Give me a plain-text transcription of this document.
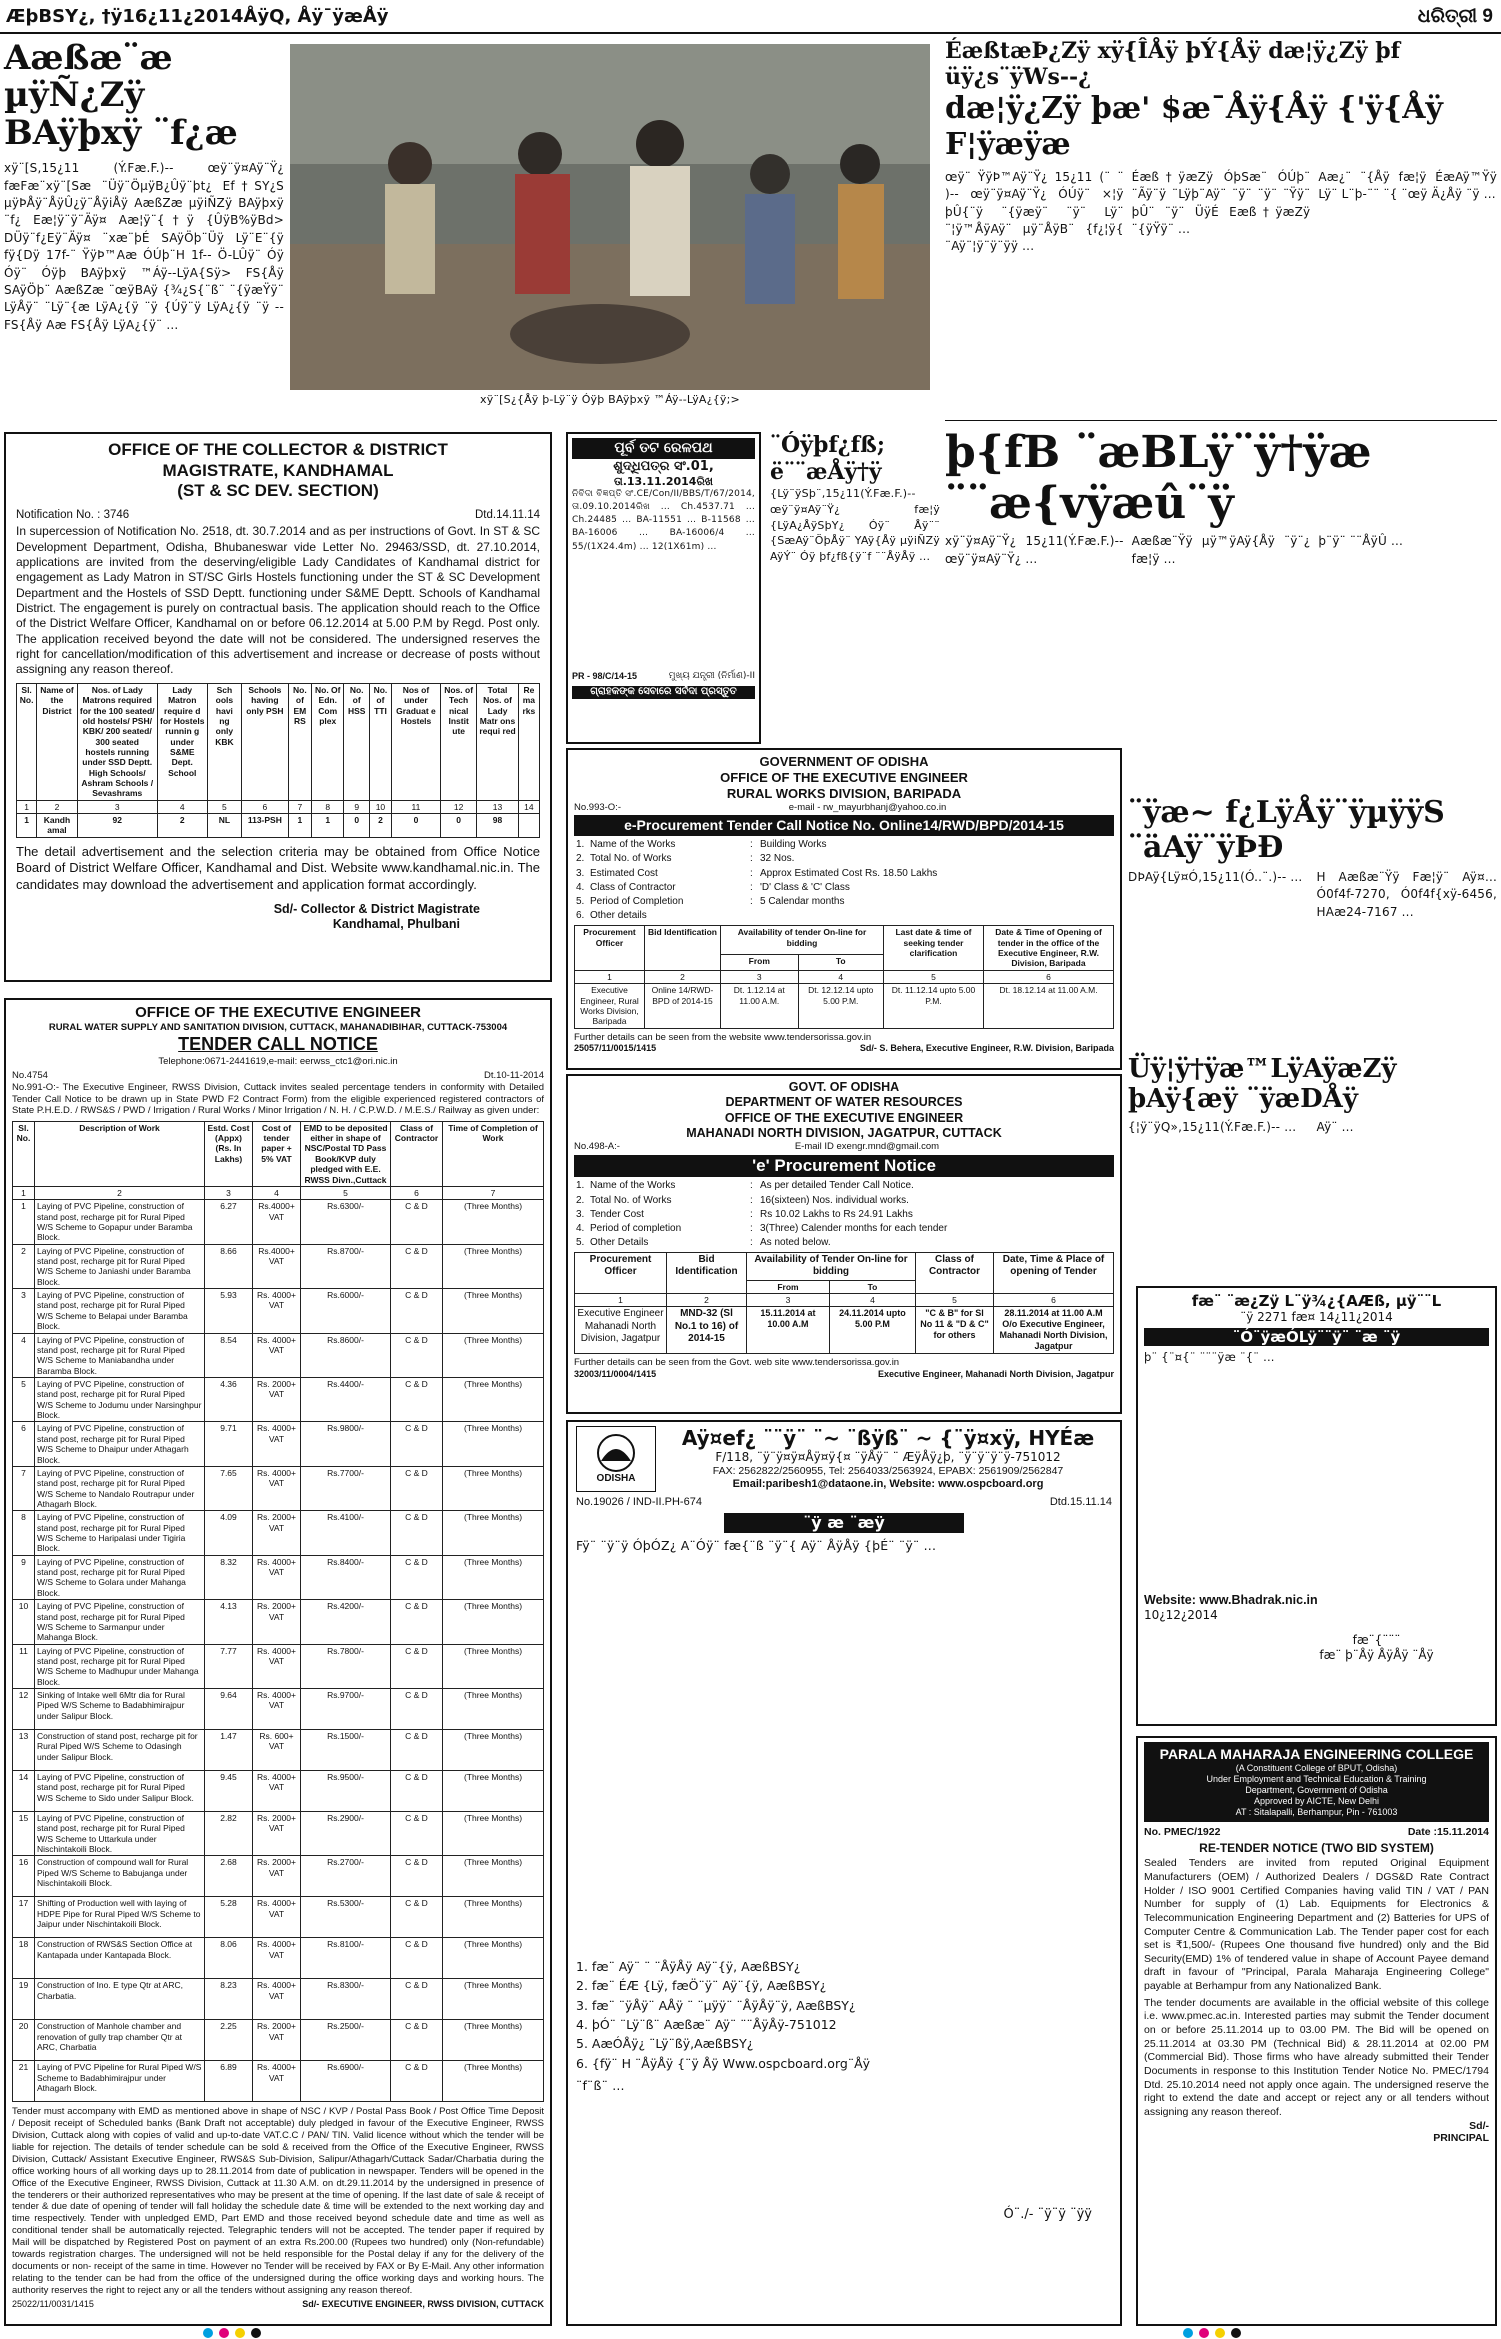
ÆþBSY¿, †ÿ16¿11¿2014ÅÿQ, Åÿ¯ÿæÅÿ	ଧରିତ୍ରୀ 9
Aæßæ¨æ µÿÑ¿Zÿ
BAÿþxÿ ¨f¿æ
xÿ¨[S,15¿11 (Ý.Fæ.F.)-- œÿ¨ÿ¤Aÿ¨Ÿ¿ fæFæ¨xÿ¨[Sæ ¨Üÿ¨ÖµÿB¿Ûÿ¨þt¿ Ef†SY¿S µÿÞÅÿ¨ÅÿÛ¿ÿ¨ÅÿiÅÿ AæßZæ µÿiÑZÿ BAÿþxÿ ¨f¿ Eæ¦ÿ¨ÿ¨Äÿ¤ Aæ¦ÿ¨{†ÿ {ÛÿB%ÿBd> DÜÿ¨f¿Eÿ¨Äÿ¤ ¨xæ¨þÉ SAÿÖþ¨Üÿ Lÿ¨E¨{ÿ fÿ{Dÿ 17f-¨ ŸÿÞ™Aæ ÓÚþ¨H 1f-- Ö-LÛÿ¨ Óÿ Óÿ¨ Óÿþ BAÿþxÿ ™Áÿ--LÿA{Sÿ> FS{Åÿ SAÿÖþ¨ AæßZæ ¨œÿBAÿ {¾¿S{¨ß¨ ¨{ÿæŸÿ¨ LÿÅÿ¨ ¨Lÿ¨{æ LÿA¿{ÿ ¨ÿ {Úÿ¨ÿ LÿA¿{ÿ ¨ÿ --FS{Åÿ Aæ FS{Åÿ LÿA¿{ÿ¨ ...
xÿ¨[S¿{Åÿ þ-Lÿ¨ÿ Óÿþ BAÿþxÿ ™Áÿ--LÿA¿{ÿ;>
ÉæßtæÞ¿Zÿ xÿ{ÎÅÿ þÝ{Åÿ dæ¦ÿ¿Zÿ þf üÿ¿s¨ÿWs--¿
dæ¦ÿ¿Zÿ þæ' $æ¯Åÿ{Åÿ {'ÿ{Åÿ F¦ÿæÿæ
œÿ¨ ŸÿÞ™Aÿ¨Ÿ¿ 15¿11 (¨ ¨ )-- œÿ¨ÿ¤Aÿ¨Ÿ¿ ÓÚÿ¨ ×¦ÿ þÛ{¨ÿ ¨{ÿæÿ¨ ¨ÿ¨ Lÿ¨ ¨¦ÿ™ÅÿAÿ¨ µÿ¨ÅÿB¨ {f¿¦ÿ{ ¨Aÿ¨¦ÿ¨ÿ¨ÿÿ ...
Éæß†ÿæZÿ ÓþSæ¨ ÓÚþ¨ ¨Ãÿ¨ÿ ¨Lÿþ¨Aÿ¨ ¨ÿ¨ ¨ÿ¨ ¨Ÿÿ¨ þÛ¨ ¨ÿ¨ ÜÿÉ Eæß†ÿæZÿ ¨{ÿŸÿ¨ ...
Aæ¿¨ ¨{Åÿ fæ¦ÿ ÉæAÿ™Ÿÿ Lÿ¨ L¨þ-¨¨ ¨{ ¨œÿ Ä¿Åÿ ¨ÿ ...
OFFICE OF THE COLLECTOR & DISTRICT
MAGISTRATE, KANDHAMAL
(ST & SC DEV. SECTION)
Notification No. : 3746	Dtd.14.11.14
In supercession of Notification No. 2518, dt. 30.7.2014 and as per instructions of Govt. In ST & SC Development Department, Odisha, Bhubaneswar vide Letter No. 29463/SSD, dt. 27.10.2014, applications are invited from the deserving/eligible Lady Candidates of Kandhamal district for engagement as Lady Matron in ST/SC Girls Hostels functioning under the ST & SC Development Department and the Hostels of SSD Deptt. functioning under S&ME Deptt. Schools of Kandhamal District. The engagement is purely on contractual basis. The application should reach to the Office of the District Welfare Officer, Kandhamal on or before 06.12.2014 at 5.00 P.M by Regd. Post only. The application received beyond the date will not be considered. The undersigned reserves the right for cancellation/modification of this advertisement and increase or decrease of posts without assigning any reason thereof.
Sl. No.	Name of the District	Nos. of Lady Matrons required for the 100 seated/ old hostels/ PSH/ KBK/ 200 seated/ 300 seated hostels running under SSD Deptt. High Schools/ Ashram Schools / Sevashrams	Lady Matron require d for Hostels runnin g under S&ME Dept. School	Sch ools havi ng only KBK	Schools having only PSH	No. of EM RS	No. Of Edn. Com plex	No. of HSS	No. of TTI	Nos of under Graduat e Hostels	Nos. of Tech nical Instit ute	Total Nos. of Lady Matr ons requi red	Re ma rks
1	2	3	4	5	6	7	8	9	10	11	12	13	14
1	Kandh amal	92	2	NL	113-PSH	1	1	0	2	0	0	98	
The detail advertisement and the selection criteria may be obtained from Office Notice Board of District Welfare Officer, Kandhamal and Dist. Website www.kandhamal.nic.in. The candidates may download the advertisement and application format accordingly.
Sd/- Collector & District Magistrate
Kandhamal, Phulbani
OFFICE OF THE EXECUTIVE ENGINEER
RURAL WATER SUPPLY AND SANITATION DIVISION, CUTTACK, MAHANADIBIHAR, CUTTACK-753004
TENDER CALL NOTICE
Telephone:0671-2441619,e-mail: eerwss_ctc1@ori.nic.in
No.4754	Dt.10-11-2014
No.991-O:- The Executive Engineer, RWSS Division, Cuttack invites sealed percentage tenders in conformity with Detailed Tender Call Notice to be drawn up in State PWD F2 Contract Form) from the eligible experienced registered contractors of State P.H.E.D. / RWS&S / PWD / Irrigation / Rural Works / Minor Irrigation / N. H. / C.P.W.D. / M.E.S./ Railway as given under:
Sl. No.	Description of Work	Estd. Cost (Appx) (Rs. In Lakhs)	Cost of tender paper + 5% VAT	EMD to be deposited either in shape of NSC/Postal TD Pass Book/KVP duly pledged with E.E. RWSS Divn.,Cuttack	Class of Contractor	Time of Completion of Work
1	2	3	4	5	6	7
1	Laying of PVC Pipeline, construction of stand post, recharge pit for Rural Piped W/S Scheme to Gopapur under Baramba Block.	6.27	Rs.4000+ VAT	Rs.6300/-	C & D	(Three Months)
2	Laying of PVC Pipeline, construction of stand post, recharge pit for Rural Piped W/S Scheme to Janiashi under Baramba Block.	8.66	Rs.4000+ VAT	Rs.8700/-	C & D	(Three Months)
3	Laying of PVC Pipeline, construction of stand post, recharge pit for Rural Piped W/S Scheme to Belapai under Baramba Block.	5.93	Rs. 4000+ VAT	Rs.6000/-	C & D	(Three Months)
4	Laying of PVC Pipeline, construction of stand post, recharge pit for Rural Piped W/S Scheme to Maniabandha under Baramba Block.	8.54	Rs. 4000+ VAT	Rs.8600/-	C & D	(Three Months)
5	Laying of PVC Pipeline, construction of stand post, recharge pit for Rural Piped W/S Scheme to Jodumu under Narsinghpur Block.	4.36	Rs. 2000+ VAT	Rs.4400/-	C & D	(Three Months)
6	Laying of PVC Pipeline, construction of stand post, recharge pit for Rural Piped W/S Scheme to Dhaipur under Athagarh Block.	9.71	Rs. 4000+ VAT	Rs.9800/-	C & D	(Three Months)
7	Laying of PVC Pipeline, construction of stand post, recharge pit for Rural Piped W/S Scheme to Nandalo Routrapur under Athagarh Block.	7.65	Rs. 4000+ VAT	Rs.7700/-	C & D	(Three Months)
8	Laying of PVC Pipeline, construction of stand post, recharge pit for Rural Piped W/S Scheme to Haripalasi under Tigiria Block.	4.09	Rs. 2000+ VAT	Rs.4100/-	C & D	(Three Months)
9	Laying of PVC Pipeline, construction of stand post, recharge pit for Rural Piped W/S Scheme to Golara under Mahanga Block.	8.32	Rs. 4000+ VAT	Rs.8400/-	C & D	(Three Months)
10	Laying of PVC Pipeline, construction of stand post, recharge pit for Rural Piped W/S Scheme to Sarmanpur under Mahanga Block.	4.13	Rs. 2000+ VAT	Rs.4200/-	C & D	(Three Months)
11	Laying of PVC Pipeline, construction of stand post, recharge pit for Rural Piped W/S Scheme to Madhupur under Mahanga Block.	7.77	Rs. 4000+ VAT	Rs.7800/-	C & D	(Three Months)
12	Sinking of Intake well 6Mtr dia for Rural Piped W/S Scheme to Badabhimirajpur under Salipur Block.	9.64	Rs. 4000+ VAT	Rs.9700/-	C & D	(Three Months)
13	Construction of stand post, recharge pit for Rural Piped W/S Scheme to Odasingh under Salipur Block.	1.47	Rs. 600+ VAT	Rs.1500/-	C & D	(Three Months)
14	Laying of PVC Pipeline, construction of stand post, recharge pit for Rural Piped W/S Scheme to Sido under Salipur Block.	9.45	Rs. 4000+ VAT	Rs.9500/-	C & D	(Three Months)
15	Laying of PVC Pipeline, construction of stand post, recharge pit for Rural Piped W/S Scheme to Uttarkula under Nischintakoili Block.	2.82	Rs. 2000+ VAT	Rs.2900/-	C & D	(Three Months)
16	Construction of compound wall for Rural Piped W/S Scheme to Babujanga under Nischintakoili Block.	2.68	Rs. 2000+ VAT	Rs.2700/-	C & D	(Three Months)
17	Shifting of Production well with laying of HDPE Pipe for Rural Piped W/S Scheme to Jaipur under Nischintakoili Block.	5.28	Rs. 4000+ VAT	Rs.5300/-	C & D	(Three Months)
18	Construction of RWS&S Section Office at Kantapada under Kantapada Block.	8.06	Rs. 4000+ VAT	Rs.8100/-	C & D	(Three Months)
19	Construction of Ino. E type Qtr at ARC, Charbatia.	8.23	Rs. 4000+ VAT	Rs.8300/-	C & D	(Three Months)
20	Construction of Manhole chamber and renovation of gully trap chamber Qtr at ARC, Charbatia	2.25	Rs. 2000+ VAT	Rs.2500/-	C & D	(Three Months)
21	Laying of PVC Pipeline for Rural Piped W/S Scheme to Badabhimirajpur under Athagarh Block.	6.89	Rs. 4000+ VAT	Rs.6900/-	C & D	(Three Months)
Tender must accompany with EMD as mentioned above in shape of NSC / KVP / Postal Pass Book / Post Office Time Deposit / Deposit receipt of Scheduled banks (Bank Draft not acceptable) duly pledged in favour of the Executive Engineer, RWSS Division, Cuttack along with copies of valid and up-to-date VAT.C.C / PAN/ TIN. Valid licence without which the tender will be liable for rejection. The details of tender schedule can be sold & received from the Office of the Executive Engineer, RWSS Division, Cuttack/ Assistant Executive Engineer, RWS&S Sub-Division, Salipur/Athagarh/Cuttack Sadar/Charbatia during the office working hours of all working days up to 28.11.2014 from date of publication in newspaper. Tenders will be opened in the Office of the Executive Engineer, RWSS Division, Cuttack at 11.30 A.M. on dt.29.11.2014 by the undersigned in presence of the tenderers or their authorized representatives who may be present at the time of opening. If the last date of sale & receipt of tender & due date of opening of tender will fall holiday the schedule date & time will be extended to the next working day and time respectively. Tender with unpledged EMD, Part EMD and those received beyond schedule date and time as well as conditional tender shall be automatically rejected. Telegraphic tenders will not be accepted. The tender paper if required by Mail will be dispatched by Registered Post on payment of an extra Rs.200.00 (Rupees two hundred) only (Non-refundable) towards registration charges. The undersigned will not be held responsible for the Postal delay if any for the delivery of the documents or non- receipt of the same in time. However no Tender will be received by FAX or By E-Mail. Any other information relating to the tender can be had from the office of the undersigned during the office working days and working hours. The authority reserves the right to reject any or all the tenders without assigning any reason thereof.
25022/11/0031/1415	Sd/- EXECUTIVE ENGINEER, RWSS DIVISION, CUTTACK
ପୂର୍ବ ତଟ ରେଳପଥ
ଶୁଦ୍ଧିପତ୍ର ସଂ.01,
ତା.13.11.2014ରିଖ
ନିବିଦା ବିଜ୍ଞପ୍ତି ସଂ.CE/Con/II/BBS/T/67/2014, ତା.09.10.2014ରିଖ ... Ch.4537.71 ... Ch.24485 ... BA-11551 ... B-11568 ... BA-16006 ... BA-16006/4 ... 55/(1X24.4m) ... 12(1X61m) ...
PR - 98/C/14-15	ମୁଖ୍ୟ ଯନ୍ତ୍ରୀ (ନିର୍ମାଣ)-II
ଗ୍ରାହକଙ୍କ ସେବାରେ ସର୍ବଦା ପ୍ରସ୍ତୁତ
¨Óÿþf¿fß; ë¨¨æÅÿ†ÿ
{Lÿ¨ÿSþ¨,15¿11(Ý.Fæ.F.)--œÿ¨ÿ¤Aÿ¨Ÿ¿ fæ¦ÿ {LÿA¿ÅÿSþY¿ Óÿ¨ Åÿ¨¨ {SæAÿ¨ÖþÅÿ¨ YAÿ{Åÿ µÿiÑZÿ AÿÝ¨ Óÿ þf¿fß{ÿ¨f ¨¨ÅÿÅÿ ...
þ{fB ¨æBLÿ¨ÿ†ÿæ ¨¨æ{vÿæû¨ÿ
xÿ¨ÿ¤Aÿ¨Ÿ¿ 15¿11(Ý.Fæ.F.)-- œÿ¨ÿ¤Aÿ¨Ÿ¿ ...
Aæßæ¨Ÿÿ µÿ™ÿAÿ{Åÿ ¨ÿ¨¿ fæ¦ÿ ...
þ¨ÿ¨ ¨¨ÅÿÛ ...
¨ÿæ~ f¿LÿÅÿ¨ÿµÿÿS ¨äAÿ¨ÿÞÐ
DÞAÿ{Lÿ¤Ó,15¿11(Ó..¨.)-- ...	H Aæßæ¨Ÿÿ Fæ¦ÿ¨ Aÿ¤... Ó0f4f-7270, Ó0f4f{xÿ-6456, HAæ24-7167 ...
Üÿ¦ÿ†ÿæ™LÿAÿæZÿ þAÿ{æÿ ¨ÿæDÅÿ
{¦ÿ¨ÿQ»,15¿11(Ý.Fæ.F.)-- ...	Aÿ¨ ...
GOVERNMENT OF ODISHA
OFFICE OF THE EXECUTIVE ENGINEER
RURAL WORKS DIVISION, BARIPADA
No.993-O:-	e-mail - rw_mayurbhanj@yahoo.co.in
e-Procurement Tender Call Notice No. Online14/RWD/BPD/2014-15
1.	Name of the Works	:	Building Works
2.	Total No. of Works	:	32 Nos.
3.	Estimated Cost	:	Approx Estimated Cost Rs. 18.50 Lakhs
4.	Class of Contractor	:	'D' Class & 'C' Class
5.	Period of Completion	:	5 Calendar months
6.	Other details		
Procurement Officer	Bid Identification	Availability of tender On-line for bidding		Last date & time of seeking tender clarification	Date & Time of Opening of tender in the office of the Executive Engineer, R.W. Division, Baripada
		From	To		
1	2	3	4	5	6
Executive Engineer, Rural Works Division, Baripada	Online 14/RWD-BPD of 2014-15	Dt. 1.12.14 at 11.00 A.M.	Dt. 12.12.14 upto 5.00 P.M.	Dt. 11.12.14 upto 5.00 P.M.	Dt. 18.12.14 at 11.00 A.M.
Further details can be seen from the website www.tendersorissa.gov.in
25057/11/0015/1415	Sd/- S. Behera, Executive Engineer, R.W. Division, Baripada
GOVT. OF ODISHA
DEPARTMENT OF WATER RESOURCES
OFFICE OF THE EXECUTIVE ENGINEER
MAHANADI NORTH DIVISION, JAGATPUR, CUTTACK
No.498-A:-	E-mail ID exengr.mnd@gmail.com
'e' Procurement Notice
1.	Name of the Works	:	As per detailed Tender Call Notice.
2.	Total No. of Works	:	16(sixteen) Nos. individual works.
3.	Tender Cost	:	Rs 10.02 Lakhs to Rs 24.91 Lakhs
4.	Period of completion	:	3(Three) Calender months for each tender
5.	Other Details	:	As noted below.
Procurement Officer	Bid Identification	Availability of Tender On-line for bidding		Class of Contractor	Date, Time & Place of opening of Tender
		From	To		
1	2	3	4	5	6
Executive Engineer Mahanadi North Division, Jagatpur	MND-32 (Sl No.1 to 16) of 2014-15	15.11.2014 at 10.00 A.M	24.11.2014 upto 5.00 P.M	"C & B" for Sl No 11 & "D & C" for others	28.11.2014 at 11.00 A.M O/o Executive Engineer, Mahanadi North Division, Jagatpur
Further details can be seen from the Govt. web site www.tendersorissa.gov.in
32003/11/0004/1415	Executive Engineer, Mahanadi North Division, Jagatpur
ODISHA
Aÿ¤ef¿ ¨¨ÿ¨ ¨~ ¨ßÿß¨ ~ {¨ÿ¤xÿ, HYÉæ
F/118, ¨ÿ¨ÿ¤ÿ¤Åÿ¤ÿ{¤ ¨ÿÅÿ¨ ¨ ÆÿÅÿ¿þ, ¨ÿ¨ÿ¨ÿ¨ÿ-751012
FAX: 2562822/2560955, Tel: 2564033/2563924, EPABX: 2561909/2562847
Email:paribesh1@dataone.in, Website: www.ospcboard.org
No.19026 / IND-II.PH-674	Dtd.15.11.14
¨ÿ æ ¨æÿ
Fÿ¨ ¨ÿ¨ÿ ÓþÓZ¿ A¨Óÿ¨ fæ{¨ß ¨ÿ¨{ Aÿ¨ ÅÿÅÿ {þÉ¨ ¨ÿ¨ ...
1. fæ¨ Aÿ¨ ¨ ¨ÅÿÅÿ Aÿ¨{ÿ, AæßBSY¿
2. fæ¨ ÉÆ {Lÿ, fæÖ¨ÿ¨ Aÿ¨{ÿ, AæßBSY¿
3. fæ¨ ¨ÿÅÿ¨ AÅÿ ¨ ¨µÿÿ¨ ¨ÅÿÅÿ¨ÿ, AæßBSY¿
4. þÓ¨ ¨Lÿ¨ß¨ Aæßæ¨ Aÿ¨ ¨¨ÅÿÅÿ-751012
5. AæÓÅÿ¿ ¨Lÿ¨ßÿ,AæßBSY¿
6. {fÿ¨ H ¨ÅÿÅÿ {¨ÿ Åÿ Www.ospcboard.org¨Åÿ
¨f¨ß¨ ...
Ó¨./- ¨ÿ¨ÿ ¨ÿÿ
fæ¨ ¨æ¿Zÿ L¨ÿ¾¿{AÆß, µÿ¨¨L
¨ÿ 2271 fæ¤ 14¿11¿2014
¨Ó¨ÿæÓLÿ¨¨ÿ¨ ¨æ ¨ÿ
þ¨ {¨¤{¨ ¨¨¨ÿæ ¨{¨ ...
Website: www.Bhadrak.nic.in
10¿12¿2014
fæ¨{¨¨¨
fæ¨ þ¨Åÿ ÅÿÅÿ ¨Åÿ
PARALA MAHARAJA ENGINEERING COLLEGE
(A Constituent College of BPUT, Odisha)
Under Employment and Technical Education & Training
Department, Government of Odisha
Approved by AICTE, New Delhi
AT : Sitalapalli, Berhampur, Pin - 761003
No. PMEC/1922	Date :15.11.2014
RE-TENDER NOTICE (TWO BID SYSTEM)
Sealed Tenders are invited from reputed Original Equipment Manufacturers (OEM) / Authorized Dealers / DGS&D Rate Contract Holder / ISO 9001 Certified Companies having valid TIN / VAT / PAN Number for supply of (1) Lab. Equipments for Electronics & Telecommunication Engineering Department and (2) Batteries for UPS of Computer Centre & Communication Lab. The Tender paper cost for each set is ₹1,500/- (Rupees One thousand five hundred) only and the Bid Security(EMD) 1% of tendered value in shape of Account Payee demand draft in favour of "Principal, Parala Maharaja Engineering College" payable at Berhampur from any Nationalized Bank.
The tender documents are available in the official website of this college i.e. www.pmec.ac.in. Interested parties may submit the Tender document on or before 25.11.2014 up to 03.00 PM. The Bid will be opened on 25.11.2014 at 03.30 PM (Technical Bid) & 28.11.2014 at 02.00 PM (Commercial Bid). Those firms who have already submitted their Tender Documents in response to this Institution Tender Notice No. PMEC/1794 Dtd. 25.10.2014 need not apply once again. The undersigned reserve the right to extend the date and accept or reject any or all tenders without assigning any reason thereof.
Sd/-
PRINCIPAL
